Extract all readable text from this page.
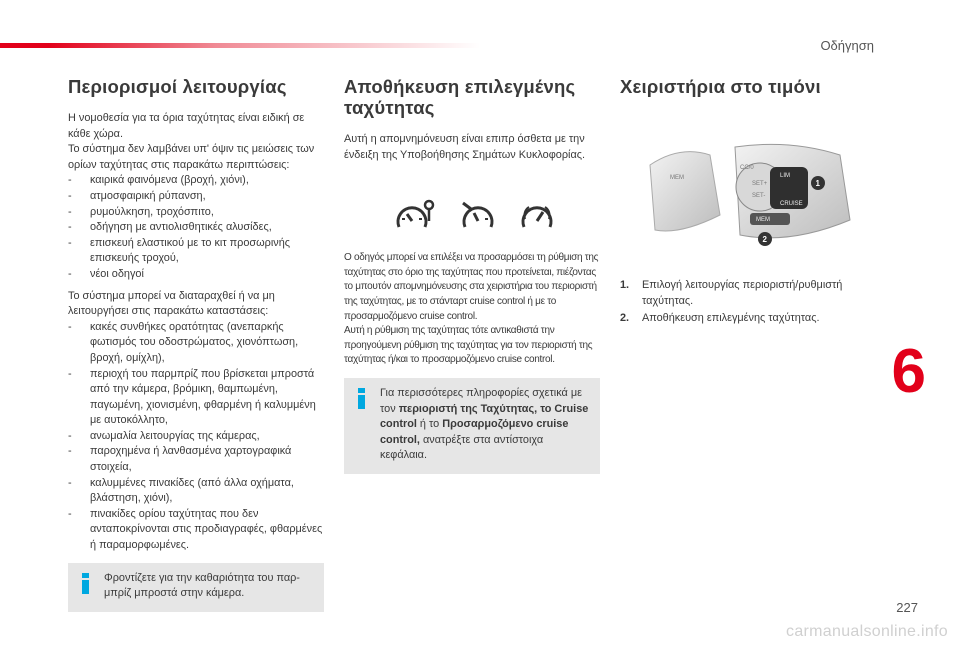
Οδήγηση
Περιορισμοί λειτουργίας

Η νομοθεσία για τα όρια ταχύτητας είναι ειδική σε κάθε χώρα.

Το σύστημα δεν λαμβάνει υπ' όψιν τις μειώσεις των ορίων ταχύτητας στις παρακάτω περιπτώσεις:

- καιρικά φαινόμενα (βροχή, χιόνι),
- ατμοσφαιρική ρύπανση,
- ρυμούλκηση, τροχόσπιτο,
- οδήγηση με αντιολισθητικές αλυσίδες,
- επισκευή ελαστικού με το κιτ προσωρινής επισκευής τροχού,
- νέοι οδηγοί

Το σύστημα μπορεί να διαταραχθεί ή να μη λειτουργήσει στις παρακάτω καταστάσεις:

- κακές συνθήκες ορατότητας (ανεπαρκής φωτισμός του οδοστρώματος, χιονόπτωση, βροχή, ομίχλη),
- περιοχή του παρμπρίζ που βρίσκεται μπροστά από την κάμερα, βρόμικη, θαμπωμένη, παγωμένη, χιονισμένη, φθαρμένη ή καλυμμένη με αυτοκόλλητο,
- ανωμαλία λειτουργίας της κάμερας,
- παροχημένα ή λανθασμένα χαρτογραφικά στοιχεία,
- καλυμμένες πινακίδες (από άλλα οχήματα, βλάστηση, χιόνι),
- πινακίδες ορίου ταχύτητας που δεν ανταποκρίνονται στις προδιαγραφές, φθαρμένες ή παραμορφωμένες.
Φροντίζετε για την καθαριότητα του παρ-μπρίζ μπροστά στην κάμερα.
Αποθήκευση επιλεγμένης ταχύτητας

Αυτή η απομνημόνευση είναι επιπρ όσθετα με την ένδειξη της Υποβοήθησης Σημάτων Κυκλοφορίας.

Ο οδηγός μπορεί να επιλέξει να προσαρμόσει τη ρύθμιση της ταχύτητας στο όριο της ταχύτητας που προτείνεται, πιέζοντας το μπουτόν απομνημόνευσης στα χειριστήρια του περιοριστή της ταχύτητας, με το στάνταρτ cruise control ή με το προσαρμοζόμενο cruise control.

Αυτή η ρύθμιση της ταχύτητας τότε αντικαθιστά την προηγούμενη ρύθμιση της ταχύτητας για τον περιοριστή της ταχύτητας ή/και το προσαρμοζόμενο cruise control.

Για περισσότερες πληροφορίες σχετικά με τον περιοριστή της Ταχύτητας, το Cruise control ή το Προσαρμοζόμενο cruise control, ανατρέξτε στα αντίστοιχα κεφάλαια.
Χειριστήρια στο τιμόνι
MEM
CC/0
LIM
SET+
SET-
CRUISE
MEM
1
2
1. Επιλογή λειτουργίας περιοριστή/ρυθμιστή ταχύτητας.
2. Αποθήκευση επιλεγμένης ταχύτητας.
6
227
carmanualsonline.info
